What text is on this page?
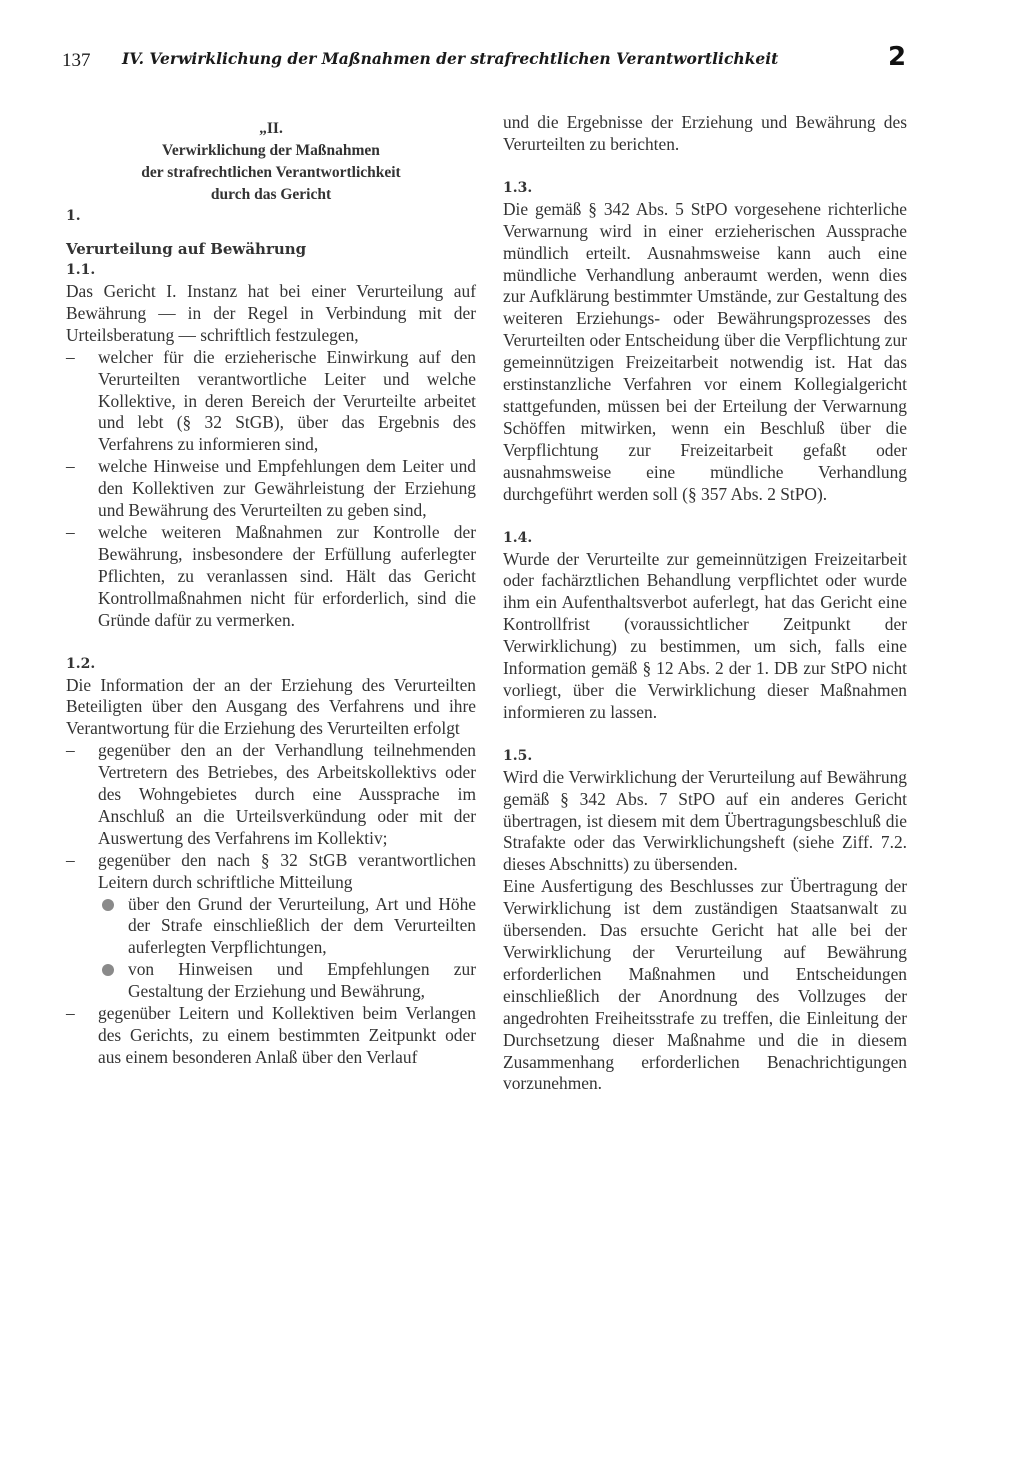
137 IV. Verwirklichung der Maßnahmen der strafrechtlichen Verantwortlichkeit	2
„II.
Verwirklichung der Maßnahmen
der strafrechtlichen Verantwortlichkeit
durch das Gericht

1.

Verurteilung auf Bewährung

1.1.

Das Gericht I. Instanz hat bei einer Verurteilung auf Bewährung — in der Regel in Verbindung mit der Urteilsberatung — schriftlich festzulegen,

–	welcher für die erzieherische Einwirkung auf den Verurteilten verantwortliche Leiter und welche Kollektive, in deren Bereich der Verurteilte arbeitet und lebt (§ 32 StGB), über das Ergebnis des Verfahrens zu informieren sind,

–	welche Hinweise und Empfehlungen dem Leiter und den Kollektiven zur Gewährleistung der Erziehung und Bewährung des Verurteilten zu geben sind,

–	welche weiteren Maßnahmen zur Kontrolle der Bewährung, insbesondere der Erfüllung auferlegter Pflichten, zu veranlassen sind. Hält das Gericht Kontrollmaßnahmen nicht für erforderlich, sind die Gründe dafür zu vermerken.

1.2.

Die Information der an der Erziehung des Verurteilten Beteiligten über den Ausgang des Verfahrens und ihre Verantwortung für die Erziehung des Verurteilten erfolgt

–	gegenüber den an der Verhandlung teilnehmenden Vertretern des Betriebes, des Arbeitskollektivs oder des Wohngebietes durch eine Aussprache im Anschluß an die Urteilsverkündung oder mit der Auswertung des Verfahrens im Kollektiv;

–	gegenüber den nach § 32 StGB verantwortlichen Leitern durch schriftliche Mitteilung

über den Grund der Verurteilung, Art und Höhe der Strafe einschließlich der dem Verurteilten auferlegten Verpflichtungen,

von Hinweisen und Empfehlungen zur Gestaltung der Erziehung und Bewährung,

–	gegenüber Leitern und Kollektiven beim Verlangen des Gerichts, zu einem bestimmten Zeitpunkt oder aus einem besonderen Anlaß über den Verlauf

und die Ergebnisse der Erziehung und Bewährung des Verurteilten zu berichten.

1.3.

Die gemäß § 342 Abs. 5 StPO vorgesehene richterliche Verwarnung wird in einer erzieherischen Aussprache mündlich erteilt. Ausnahmsweise kann auch eine mündliche Verhandlung anberaumt werden, wenn dies zur Aufklärung bestimmter Umstände, zur Gestaltung des weiteren Erziehungs- oder Bewährungsprozesses des Verurteilten oder Entscheidung über die Verpflichtung zur gemeinnützigen Freizeitarbeit notwendig ist. Hat das erstinstanzliche Verfahren vor einem Kollegialgericht stattgefunden, müssen bei der Erteilung der Verwarnung Schöffen mitwirken, wenn ein Beschluß über die Verpflichtung zur Freizeitarbeit gefaßt oder ausnahmsweise eine mündliche Verhandlung durchgeführt werden soll (§ 357 Abs. 2 StPO).

1.4.

Wurde der Verurteilte zur gemeinnützigen Freizeitarbeit oder fachärztlichen Behandlung verpflichtet oder wurde ihm ein Aufenthaltsverbot auferlegt, hat das Gericht eine Kontrollfrist (voraussichtlicher Zeitpunkt der Verwirklichung) zu bestimmen, um sich, falls eine Information gemäß § 12 Abs. 2 der 1. DB zur StPO nicht vorliegt, über die Verwirklichung dieser Maßnahmen informieren zu lassen.

1.5.

Wird die Verwirklichung der Verurteilung auf Bewährung gemäß § 342 Abs. 7 StPO auf ein anderes Gericht übertragen, ist diesem mit dem Übertragungsbeschluß die Strafakte oder das Verwirklichungsheft (siehe Ziff. 7.2. dieses Abschnitts) zu übersenden.

Eine Ausfertigung des Beschlusses zur Übertragung der Verwirklichung ist dem zuständigen Staatsanwalt zu übersenden. Das ersuchte Gericht hat alle bei der Verwirklichung der Verurteilung auf Bewährung erforderlichen Maßnahmen und Entscheidungen einschließlich der Anordnung des Vollzuges der angedrohten Freiheitsstrafe zu treffen, die Einleitung der Durchsetzung dieser Maßnahme und die in diesem Zusammenhang erforderlichen Benachrichtigungen vorzunehmen.
